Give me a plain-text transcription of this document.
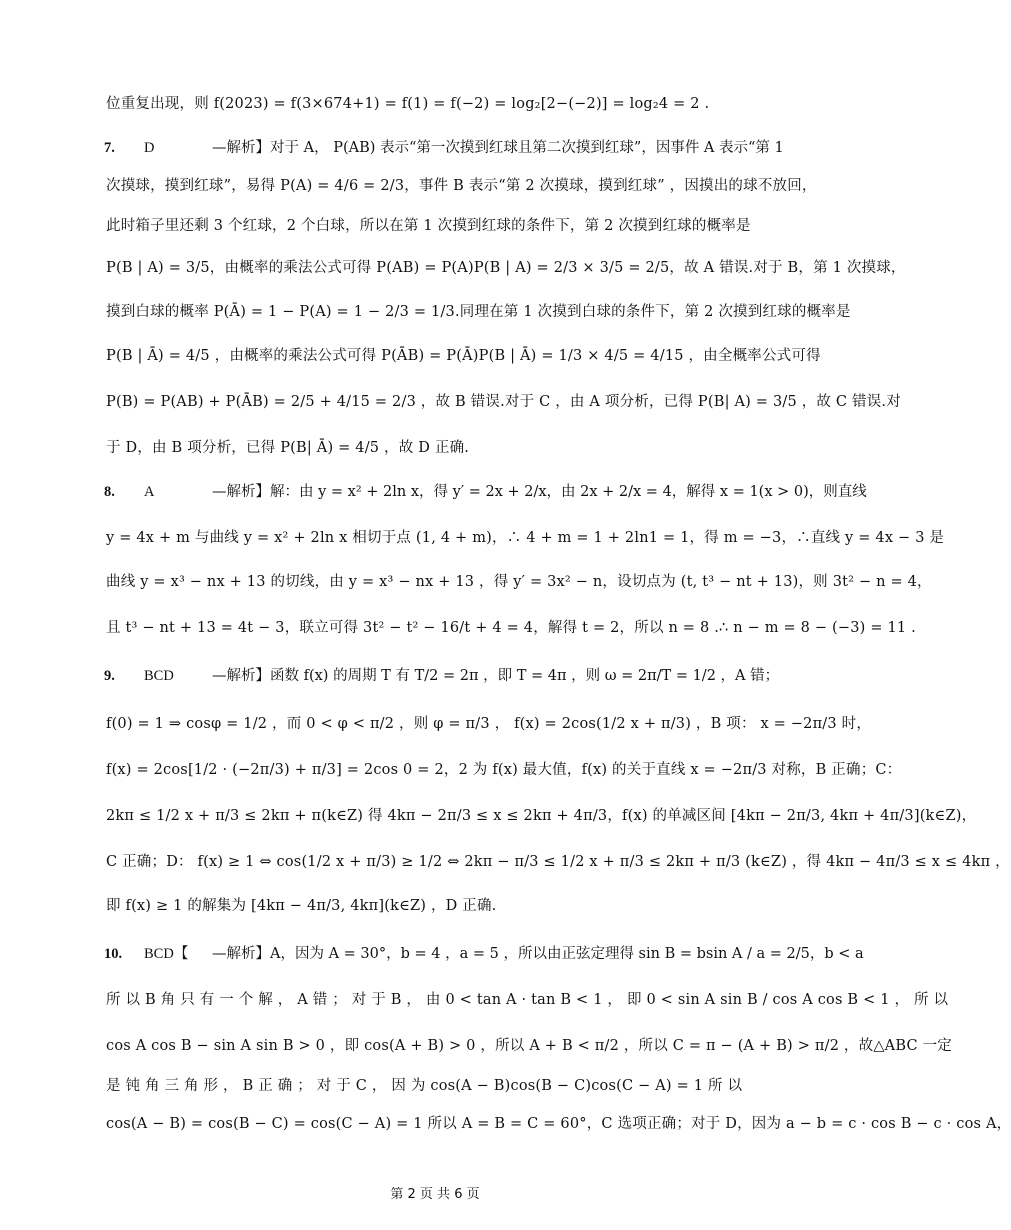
位重复出现，则 f(2023) = f(3×674+1) = f(1) = f(−2) = log₂[2−(−2)] = log₂4 = 2 .
7. D	—解析】对于 A， P(AB) 表示“第一次摸到红球且第二次摸到红球”，因事件 A 表示“第 1
次摸球，摸到红球”，易得 P(A) = 4/6 = 2/3，事件 B 表示“第 2 次摸球，摸到红球” ，因摸出的球不放回，
此时箱子里还剩 3 个红球，2 个白球，所以在第 1 次摸到红球的条件下，第 2 次摸到红球的概率是
P(B | A) = 3/5，由概率的乘法公式可得 P(AB) = P(A)P(B | A) = 2/3 × 3/5 = 2/5，故 A 错误.对于 B，第 1 次摸球，
摸到白球的概率 P(Ā) = 1 − P(A) = 1 − 2/3 = 1/3.同理在第 1 次摸到白球的条件下，第 2 次摸到红球的概率是
P(B | Ā) = 4/5 ，由概率的乘法公式可得 P(ĀB) = P(Ā)P(B | Ā) = 1/3 × 4/5 = 4/15 ，由全概率公式可得
P(B) = P(AB) + P(ĀB) = 2/5 + 4/15 = 2/3 ，故 B 错误.对于 C ，由 A 项分析，已得 P(B| A) = 3/5 ，故 C 错误.对
于 D，由 B 项分析，已得 P(B| Ā) = 4/5 ，故 D 正确.
8. A	—解析】解：由 y = x² + 2ln x，得 y′ = 2x + 2/x，由 2x + 2/x = 4，解得 x = 1(x > 0)，则直线
y = 4x + m 与曲线 y = x² + 2ln x 相切于点 (1, 4 + m)，∴ 4 + m = 1 + 2ln1 = 1，得 m = −3，∴直线 y = 4x − 3 是
曲线 y = x³ − nx + 13 的切线，由 y = x³ − nx + 13 ，得 y′ = 3x² − n，设切点为 (t, t³ − nt + 13)，则 3t² − n = 4，
且 t³ − nt + 13 = 4t − 3，联立可得 3t² − t² − 16/t + 4 = 4，解得 t = 2，所以 n = 8 .∴ n − m = 8 − (−3) = 11 .
9. BCD	—解析】函数 f(x) 的周期 T 有 T/2 = 2π ，即 T = 4π ，则 ω = 2π/T = 1/2 ，A 错；
f(0) = 1 ⇒ cosφ = 1/2 ，而 0 < φ < π/2 ，则 φ = π/3 ， f(x) = 2cos(1/2 x + π/3) ，B 项： x = −2π/3 时，
f(x) = 2cos[1/2 · (−2π/3) + π/3] = 2cos 0 = 2，2 为 f(x) 最大值，f(x) 的关于直线 x = −2π/3 对称，B 正确；C：
2kπ ≤ 1/2 x + π/3 ≤ 2kπ + π(k∈Z) 得 4kπ − 2π/3 ≤ x ≤ 2kπ + 4π/3，f(x) 的单减区间 [4kπ − 2π/3, 4kπ + 4π/3](k∈Z)，
C 正确；D： f(x) ≥ 1 ⇔ cos(1/2 x + π/3) ≥ 1/2 ⇔ 2kπ − π/3 ≤ 1/2 x + π/3 ≤ 2kπ + π/3 (k∈Z) ，得 4kπ − 4π/3 ≤ x ≤ 4kπ ，
即 f(x) ≥ 1 的解集为 [4kπ − 4π/3, 4kπ](k∈Z) ，D 正确.
10. BCD【 —解析】A，因为 A = 30°，b = 4 ，a = 5 ，所以由正弦定理得 sin B = bsin A / a = 2/5，b < a
所 以 B 角 只 有 一 个 解 ， A 错 ； 对 于 B ， 由 0 < tan A · tan B < 1 ， 即 0 < sin A sin B / cos A cos B < 1 ， 所 以
cos A cos B − sin A sin B > 0 ，即 cos(A + B) > 0 ，所以 A + B < π/2 ，所以 C = π − (A + B) > π/2 ，故△ABC 一定
是 钝 角 三 角 形 ， B 正 确 ； 对 于 C ， 因 为 cos(A − B)cos(B − C)cos(C − A) = 1 所 以
cos(A − B) = cos(B − C) = cos(C − A) = 1 所以 A = B = C = 60°，C 选项正确；对于 D，因为 a − b = c · cos B − c · cos A，
第 2 页 共 6 页
